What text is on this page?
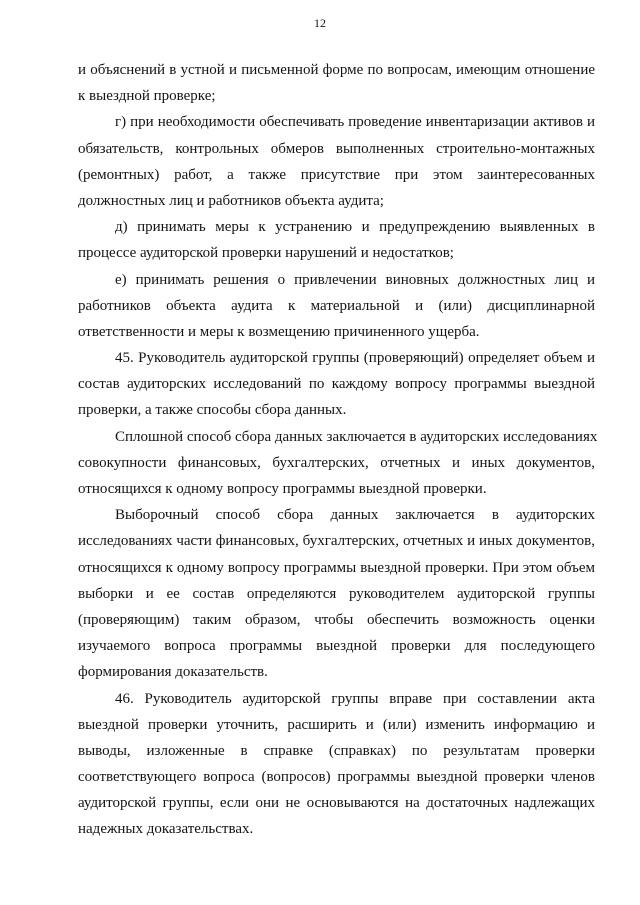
12
и объяснений в устной и письменной форме по вопросам, имеющим отношение
к выездной проверке;
г) при необходимости обеспечивать проведение инвентаризации активов и
обязательств, контрольных обмеров выполненных строительно-монтажных
(ремонтных) работ, а также присутствие при этом заинтересованных
должностных лиц и работников объекта аудита;
д) принимать меры к устранению и предупреждению выявленных в
процессе аудиторской проверки нарушений и недостатков;
е) принимать решения о привлечении виновных должностных лиц и
работников объекта аудита к материальной и (или) дисциплинарной
ответственности и меры к возмещению причиненного ущерба.
45. Руководитель аудиторской группы (проверяющий) определяет объем и
состав аудиторских исследований по каждому вопросу программы выездной
проверки, а также способы сбора данных.
Сплошной способ сбора данных заключается в аудиторских исследованиях
совокупности финансовых, бухгалтерских, отчетных и иных документов,
относящихся к одному вопросу программы выездной проверки.
Выборочный способ сбора данных заключается в аудиторских
исследованиях части финансовых, бухгалтерских, отчетных и иных документов,
относящихся к одному вопросу программы выездной проверки. При этом объем
выборки и ее состав определяются руководителем аудиторской группы
(проверяющим) таким образом, чтобы обеспечить возможность оценки
изучаемого вопроса программы выездной проверки для последующего
формирования доказательств.
46. Руководитель аудиторской группы вправе при составлении акта
выездной проверки уточнить, расширить и (или) изменить информацию и
выводы, изложенные в справке (справках) по результатам проверки
соответствующего вопроса (вопросов) программы выездной проверки членов
аудиторской группы, если они не основываются на достаточных надлежащих
надежных доказательствах.
